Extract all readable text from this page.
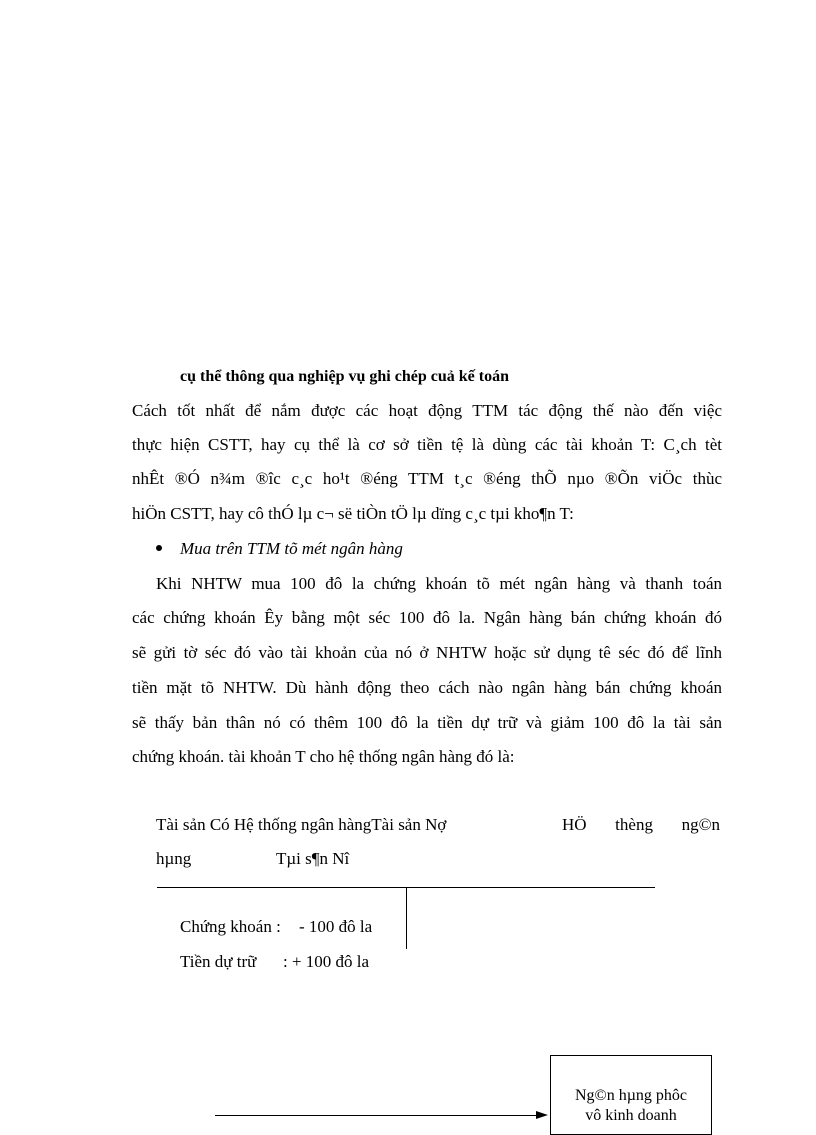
cụ thể thông qua nghiệp vụ ghi chép cuả kế toán
Cách tốt nhất để nắm được các hoạt động TTM tác động thế nào đến việc
thực hiện CSTT, hay cụ thể là cơ sở tiền tệ là dùng các tài khoản T: C¸ch tèt
nhÊt ®Ó n¾m ®îc c¸c ho¹t ®éng TTM t¸c ®éng thÕ nµo ®Õn viÖc thùc
hiÖn CSTT, hay cô thÓ lµ c¬ së tiÒn tÖ lµ dïng c¸c tµi kho¶n T:
Mua trên TTM tõ mét ngân hàng
Khi NHTW mua 100 đô la chứng khoán tõ mét ngân hàng và thanh toán
các chứng khoán Êy bằng một séc 100 đô la. Ngân hàng bán chứng khoán đó
sẽ gửi tờ séc đó vào tài khoản của nó ở NHTW hoặc sử dụng tê séc đó để lĩnh
tiền mặt tõ NHTW. Dù hành động theo cách nào ngân hàng bán chứng khoán
sẽ thấy bản thân nó có thêm 100 đô la tiền dự trữ và giảm 100 đô la tài sản
chứng khoán. tài khoản T cho hệ thống ngân hàng đó là:
Tài sản Có Hệ thống ngân hàngTài sản Nợ	HÖ thèng ng©n
hµng	Tµi s¶n Nî
Chứng khoán : - 100 đô la
Tiền dự trữ : + 100 đô la
Ng©n hµng phôc
vô kinh doanh
